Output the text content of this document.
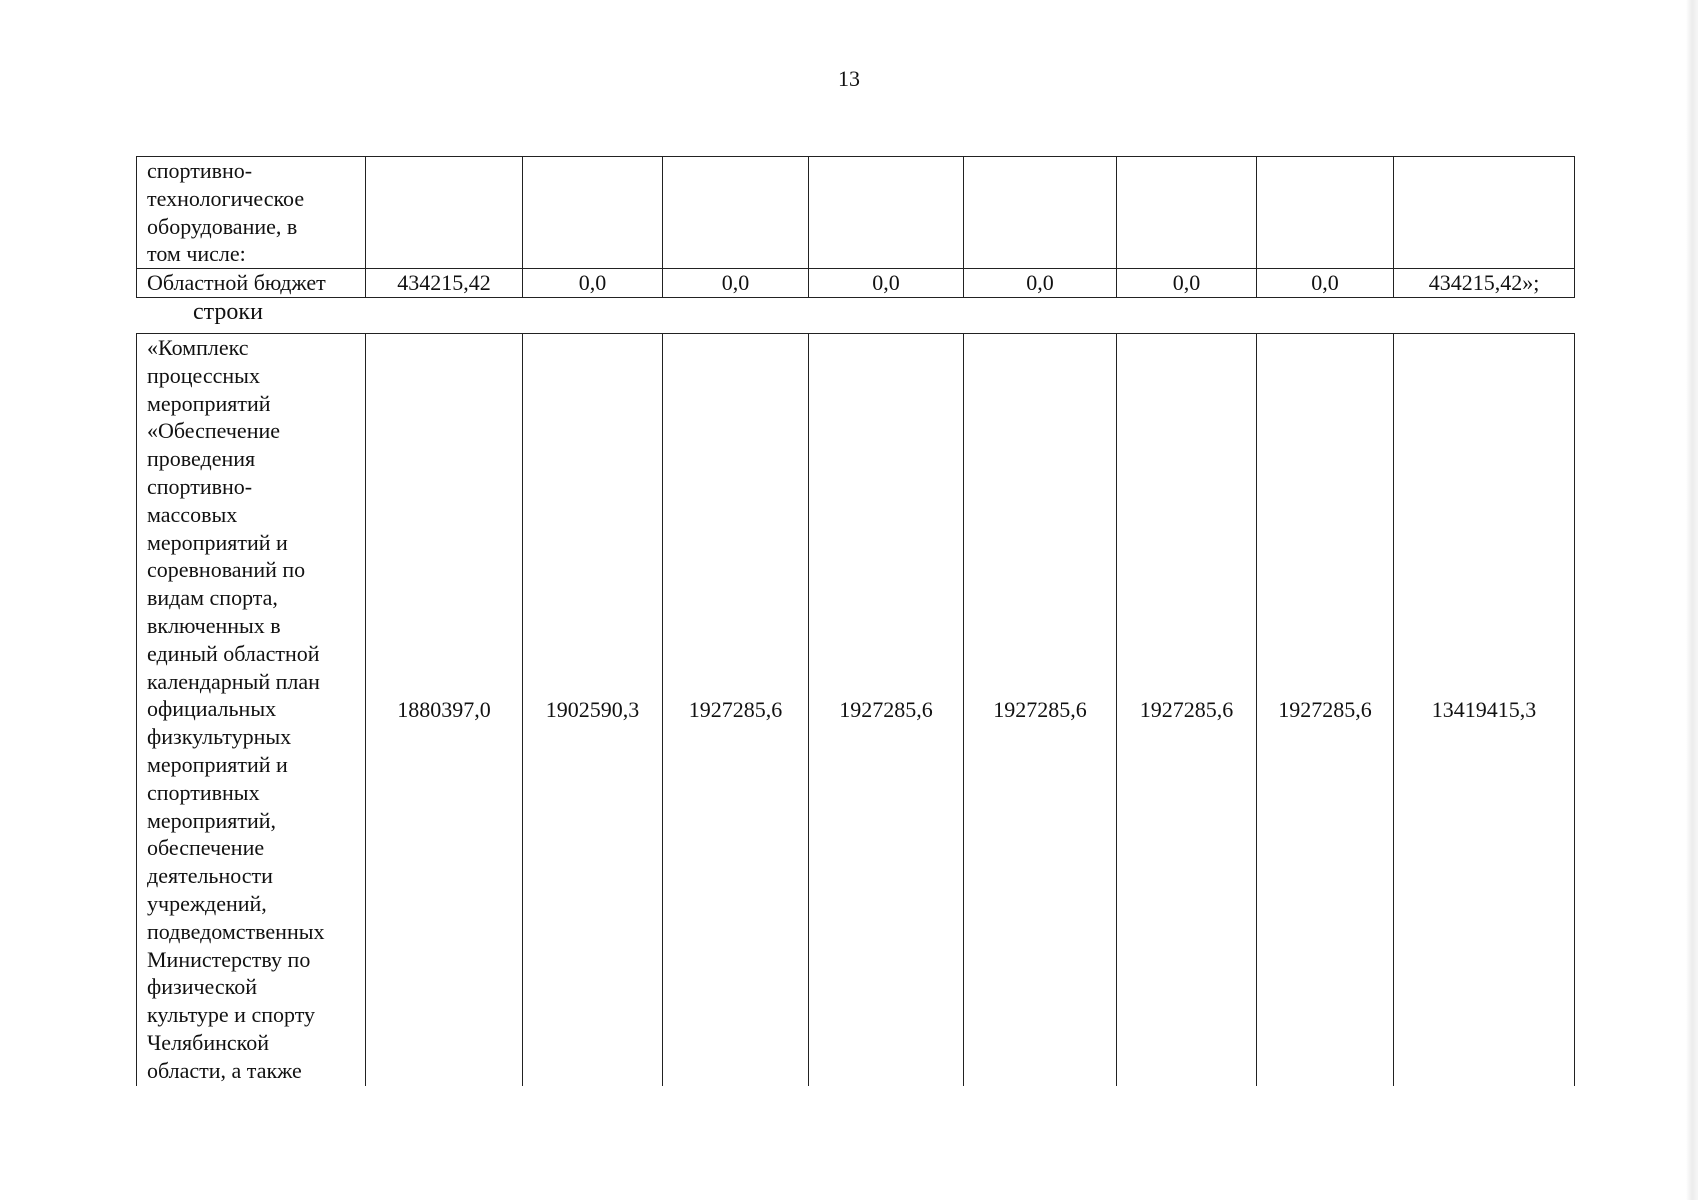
13
спортивно-
технологическое
оборудование, в
том числе:								

Областной бюджет	434215,42	0,0	0,0	0,0	0,0	0,0	0,0	434215,42»;
строки
«Комплекс
процессных
мероприятий
«Обеспечение
проведения
спортивно-
массовых
мероприятий и
соревнований по
видам спорта,
включенных в
единый областной
календарный план
официальных
физкультурных
мероприятий и
спортивных
мероприятий,
обеспечение
деятельности
учреждений,
подведомственных
Министерству по
физической
культуре и спорту
Челябинской
области, а также
	1880397,0	1902590,3	1927285,6	1927285,6	1927285,6	1927285,6	1927285,6	13419415,3
